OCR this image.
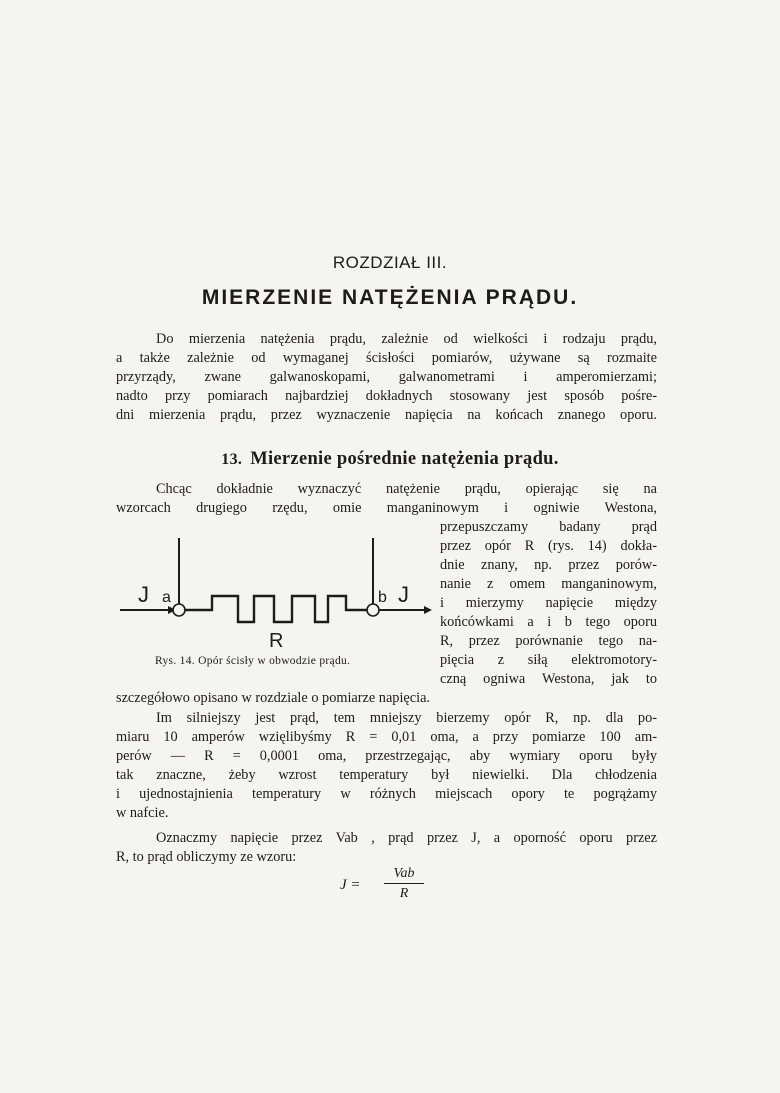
ROZDZIAŁ III.
MIERZENIE NATĘŻENIA PRĄDU.
Do mierzenia natężenia prądu, zależnie od wielkości i rodzaju prądu,
a także zależnie od wymaganej ścisłości pomiarów, używane są rozmaite
przyrządy, zwane galwanoskopami, galwanometrami i amperomierzami;
nadto przy pomiarach najbardziej dokładnych stosowany jest sposób pośre-
dni mierzenia prądu, przez wyznaczenie napięcia na końcach znanego oporu.
13. Mierzenie pośrednie natężenia prądu.
Chcąc dokładnie wyznaczyć natężenie prądu, opierając się na
wzorcach drugiego rzędu, omie manganinowym i ogniwie Westona,
przepuszczamy badany prąd
przez opór R (rys. 14) dokła-
dnie znany, np. przez porów-
nanie z omem manganinowym,
i mierzymy napięcie między
końcówkami a i b tego oporu
R, przez porównanie tego na-
pięcia z siłą elektromotory-
czną ogniwa Westona, jak to
J a	b J
R
Rys. 14. Opór ścisły w obwodzie prądu.
szczegółowo opisano w rozdziale o pomiarze napięcia.
Im silniejszy jest prąd, tem mniejszy bierzemy opór R, np. dla po-
miaru 10 amperów wzięlibyśmy R = 0,01 oma, a przy pomiarze 100 am-
perów — R = 0,0001 oma, przestrzegając, aby wymiary oporu były
tak znaczne, żeby wzrost temperatury był niewielki. Dla chłodzenia
i ujednostajnienia temperatury w różnych miejscach opory te pogrążamy
w nafcie.
Oznaczmy napięcie przez Vab , prąd przez J, a oporność oporu przez
R, to prąd obliczymy ze wzoru:
J =
Vab
R
